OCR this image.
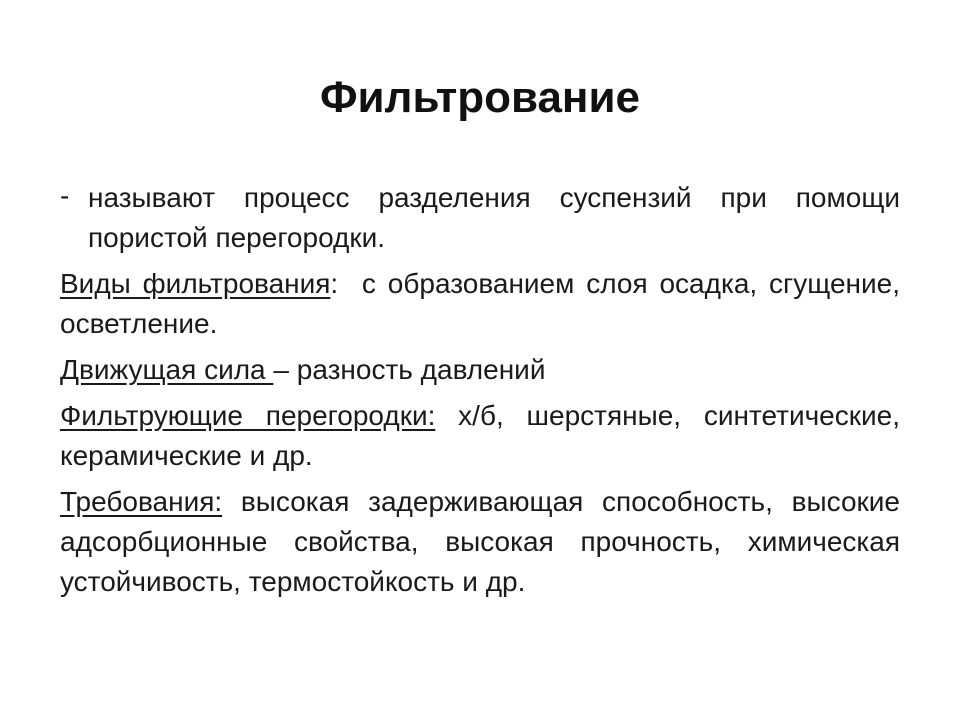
Фильтрование
- называют процесс разделения суспензий при помощи пористой перегородки.
Виды фильтрования:  с образованием слоя осадка, сгущение, осветление.
Движущая сила – разность давлений
Фильтрующие перегородки: х/б, шерстяные, синтетические, керамические и др.
Требования: высокая задерживающая способность, высокие адсорбционные свойства, высокая прочность, химическая устойчивость, термостойкость и др.
